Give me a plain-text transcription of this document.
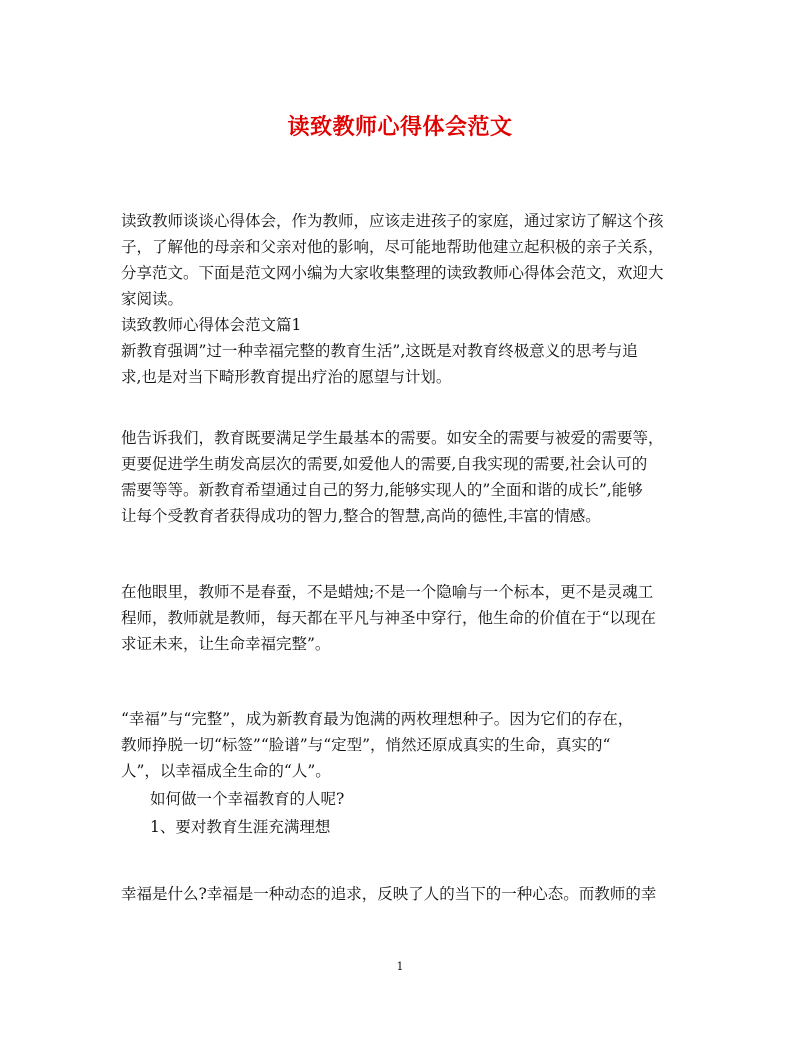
读致教师心得体会范文
读致教师谈谈心得体会，作为教师，应该走进孩子的家庭，通过家访了解这个孩
子，了解他的母亲和父亲对他的影响，尽可能地帮助他建立起积极的亲子关系，
分享范文。下面是范文网小编为大家收集整理的读致教师心得体会范文，欢迎大
家阅读。
读致教师心得体会范文篇1
新教育强调”过一种幸福完整的教育生活”,这既是对教育终极意义的思考与追
求,也是对当下畸形教育提出疗治的愿望与计划。
他告诉我们，教育既要满足学生最基本的需要。如安全的需要与被爱的需要等，
更要促进学生萌发高层次的需要,如爱他人的需要,自我实现的需要,社会认可的
需要等等。新教育希望通过自己的努力,能够实现人的”全面和谐的成长”,能够
让每个受教育者获得成功的智力,整合的智慧,高尚的德性,丰富的情感。
在他眼里，教师不是春蚕，不是蜡烛;不是一个隐喻与一个标本，更不是灵魂工
程师，教师就是教师，每天都在平凡与神圣中穿行，他生命的价值在于“以现在
求证未来，让生命幸福完整”。
“幸福”与“完整”，成为新教育最为饱满的两枚理想种子。因为它们的存在，
教师挣脱一切“标签”“脸谱”与“定型”，悄然还原成真实的生命，真实的“
人”，以幸福成全生命的“人”。
如何做一个幸福教育的人呢?
1、要对教育生涯充满理想
幸福是什么?幸福是一种动态的追求，反映了人的当下的一种心态。而教师的幸
1
